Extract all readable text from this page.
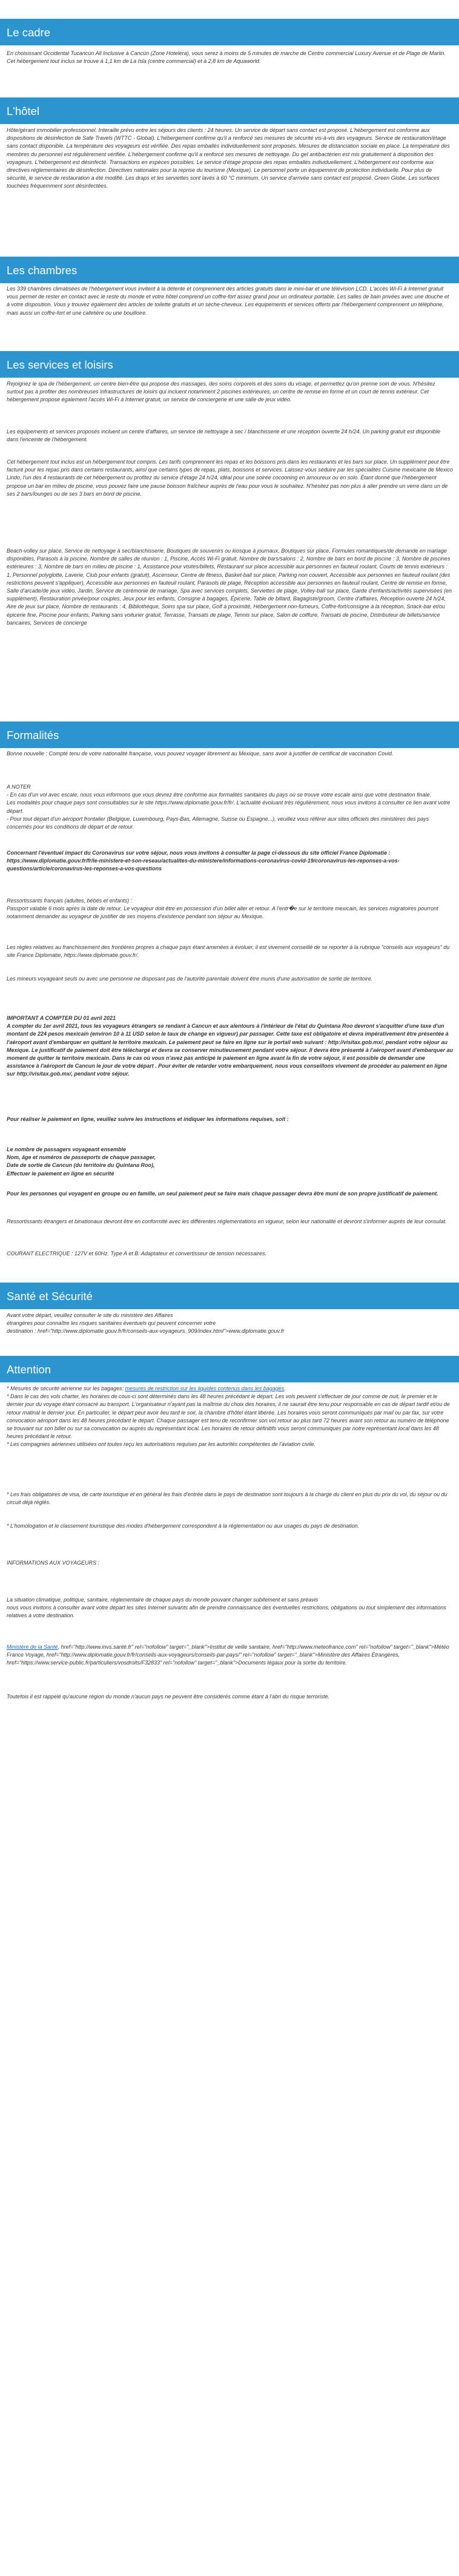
Le cadre

En choisissant Occidental Tucancún All Inclusive à Cancún (Zone Hotelera), vous serez à moins de 5 minutes de marche de Centre commercial Luxury Avenue et de Plage de Marlin. Cet hébergement tout inclus se trouve à 1,1 km de La Isla (centre commercial) et à 2,8 km de Aquaworld.

L'hôtel

Hôte/gérant immobilier professionnel. Interaille prévu entre les séjours des clients : 24 heures. Un service de départ sans contact est proposé. L'hébergement est conforme aux dispositions de désinfection de Safe Travels (WTTC - Global). L'hébergement confirme qu'il a renforcé ses mesures de sécurité vis-à-vis des voyageurs. Service de restauration/étage sans contact disponible. La température des voyageurs est vérifiée. Des repas emballés individuellement sont proposés. Mesures de distanciation sociale en place. La température des membres du personnel est régulièrement vérifiée. L'hébergement confirme qu'il a renforcé ses mesures de nettoyage. Du gel antibactérien est mis gratuitement à disposition des voyageurs. L'hébergement est désinfecté. Transactions en espèces possibles. Le service d'étage propose des repas emballés individuellement. L'hébergement est conforme aux directives réglementaires de désinfection. Directives nationales pour la reprise du tourisme (Mexique). Le personnel porte un équipement de protection individuelle. Pour plus de sécurité, le service de restauration a été modifié. Les draps et les serviettes sont lavés à 60 °C minimum. Un service d'arrivée sans contact est proposé. Green Globe. Les surfaces touchées fréquemment sont désinfectées.

Les chambres

Les 339 chambres climatisées de l'hébergement vous invitent à la détente et comprennent des articles gratuits dans le mini-bar et une télévision LCD. L'accès Wi-Fi à Internet gratuit vous permet de rester en contact avec le reste du monde et votre hôtel comprend un coffre-fort assez grand pour un ordinateur portable. Les salles de bain privées avec une douche et à votre disposition. Vous y trouvez également des articles de toilette gratuits et un sèche-cheveux. Les équipements et services offerts par l'hébergement comprennent un téléphone, mais aussi un coffre-fort et une cafetière ou une bouilloire.

Les services et loisirs

Rejoignez le spa de l'hébergement, un centre bien-être qui propose des massages, des soins corporels et des soins du visage, et permettez qu'on prenne soin de vous. N'hésitez surtout pas à profiter des nombreuses infrastructures de loisirs qui incluent notamment 2 piscines extérieures, un centre de remise en forme et un court de tennis extérieur. Cet hébergement propose également l'accès Wi-Fi à Internet gratuit, un service de conciergerie et une salle de jeux vidéo.

Les équipements et services proposés incluent un centre d'affaires, un service de nettoyage à sec / blanchisserie et une réception ouverte 24 h/24. Un parking gratuit est disponible dans l'enceinte de l'hébergement.

Cet hébergement tout inclus est un hébergement tout compris. Les tarifs comprennent les repas et les boissons pris dans les restaurants et les bars sur place. Un supplément peut être facturé pour les repas pris dans certains restaurants, ainsi que certains types de repas, plats, boissons et services. Laissez-vous séduire par les spécialités Cuisine mexicaine de Mexico Lindo, l'un des 4 restaurants de cet hébergement ou profitez du service d'étage 24 h/24, idéal pour une soirée cocooning en amoureux ou en solo. Étant donné que l'hébergement propose un bar en milieu de piscine, vous pouvez faire une pause boisson fraîcheur auprès de l'eau pour vous le souhaitez. N'hésitez pas non plus à aller prendre un verre dans un de ses 2 bars/lounges ou de ses 3 bars en bord de piscine.

Beach-volley sur place, Service de nettoyage à sec/blanchisserie, Boutiques de souvenirs ou kiosque à journaux, Boutiques sur place, Formules romantiques/de demande en mariage disponibles, Parasols à la piscine, Nombre de salles de réunion : 1, Piscine, Accès Wi-Fi gratuit, Nombre de bars/salons : 2, Nombre de bars en bord de piscine : 3, Nombre de piscines extérieures : 3, Nombre de bars en milieu de piscine : 1, Assistance pour visites/billets, Restaurant sur place accessible aux personnes en fauteuil roulant, Courts de tennis extérieurs : 1, Personnel polyglotte, Laverie, Club pour enfants (gratuit), Ascenseur, Centre de fitness, Basket-ball sur place, Parking non couvert, Accessible aux personnes en fauteuil roulant (des restrictions peuvent s'appliquer), Accessible aux personnes en fauteuil roulant, Parasols de plage, Réception accessible aux personnes en fauteuil roulant, Centre de remise en forme, Salle d'arcade/de jeux vidéo, Jardin, Service de cérémonie de mariage, Spa avec services complets, Serviettes de plage, Volley-ball sur place, Garde d'enfants/activités supervisées (en supplément), Restauration privée/pour couples, Jeux pour les enfants, Consigne à bagages, Épicerie, Table de billard, Bagagiste/groom, Centre d'affaires, Réception ouverte 24 h/24, Aire de jeux sur place, Nombre de restaurants : 4, Bibliothèque, Soins spa sur place, Golf à proximité, Hébergement non-fumeurs, Coffre-fort/consigne à la réception, Snack-bar et/ou épicerie fine, Piscine pour enfants, Parking sans voiturier gratuit, Terrasse, Transats de plage, Tennis sur place, Salon de coiffure, Transats de piscine, Distributeur de billets/service bancaires, Services de concierge

Formalités

Bonne nouvelle : Compté tenu de votre nationalité française, vous pouvez voyager librement au Mexique, sans avoir à justifier de certificat de vaccination Covid.

A NOTER
- En cas d'un vol avec escale, nous vous informons que vous devrez être conforme aux formalités sanitaires du pays où se trouve votre escale ainsi que votre destination finale.
Les modalités pour chaque pays sont consultables sur le site https://www.diplomatie.gouv.fr/fr/. L'actualité évoluant très régulièrement, nous vous invitons à consulter ce lien avant votre départ.
- Pour tout départ d'un aéroport frontalier (Belgique, Luxembourg, Pays-Bas, Allemagne, Suisse ou Espagne...), veuillez vous référer aux sites officiels des ministères des pays concernés pour les conditions de départ et de retour.

Concernant l'éventuel impact du Coronavirus sur votre séjour, nous vous invitons à consulter la page ci-dessous du site officiel France Diplomatie :
https://www.diplomatie.gouv.fr/fr/le-ministere-et-son-reseau/actualites-du-ministere/informations-coronavirus-covid-19/coronavirus-les-reponses-a-vos-questions/article/coronavirus-les-reponses-a-vos-questions

Ressortissants français (adultes, bébés et enfants) :
Passport valable 6 mois après la date de retour. Le voyageur doit être en possession d'un billet aller et retour. A l'entr�e sur le territoire mexicain, les services migratoires pourront notamment demander au voyageur de justifier de ses moyens d'existence pendant son séjour au Mexique.

Les règles relatives au franchissement des frontières propres à chaque pays étant amenées à évoluer, il est vivement conseillé de se reporter à la rubrique "conseils aux voyageurs" du site France Diplomatie, https://www.diplomatie.gouv.fr/.

Les mineurs voyageant seuls ou avec une personne ne disposant pas de l'autorité parentale doivent être munis d'une autorisation de sortie de territoire.

IMPORTANT A COMPTER DU 01 avril 2021
A compter du 1er avril 2021, tous les voyageurs étrangers se rendant à Cancun et aux alentours à l'intérieur de l'état du Quintana Roo devront s'acquitter d'une taxe d'un montant de 224 pesos mexicain (environ 10 à 11 USD selon le taux de change en vigueur) par passager. Cette taxe est obligatoire et devra impérativement être présentée à l'aéroport avant d'embarquer en quittant le territoire mexicain. Le paiement peut se faire en ligne sur le portail web suivant : http://visitax.gob.mx/, pendant votre séjour au Mexique. Le justificatif de paiement doit être téléchargé et devra se conserver minutieusement pendant votre séjour. Il devra être présenté à l'aéroport avant d'embarquer au moment de quitter le territoire mexicain. Dans le cas où vous n'avez pas anticipé le paiement en ligne avant la fin de votre séjour, il est possible de demander une assistance à l'aéroport de Cancun le jour de votre départ . Pour éviter de retarder votre embarquement, nous vous conseillons vivement de procéder au paiement en ligne sur http://visitax.gob.mx/, pendant votre séjour.

Pour réaliser le paiement en ligne, veuillez suivre les instructions et indiquer les informations requises, soit :

Le nombre de passagers voyageant ensemble
Nom, âge et numéros de passeports de chaque passager,
Date de sortie de Cancun (du territoire du Quintana Roo),
Effectuer le paiement en ligne en sécurité

Pour les personnes qui voyagent en groupe ou en famille, un seul paiement peut se faire mais chaque passager devra être muni de son propre justificatif de paiement.

Ressortissants étrangers et binationaux devront être en conformité avec les différentes réglementations en vigueur, selon leur nationalité et devront s'informer auprès de leur consulat.

COURANT ELECTRIQUE : 127V et 60Hz. Type A et B. Adaptateur et convertisseur de tension nécessaires.

Santé et Sécurité

Avant votre départ, veuillez consulter le site du ministère des Affaires
étrangères pour connaître les risques sanitaires éventuels qui peuvent concerner votre
destination : href="http://www.diplomatie.gouv.fr/fr/conseils-aux-voyageurs_909/index.html">www.diplomatie.gouv.fr

Attention

* Mesures de sécurité aérienne sur les bagages: mesures de restriction sur les liquides contenus dans les bagages.
* Dans le cas des vols charter, les horaires de cous-ci sont déterminés dans les 48 heures précédant le départ. Les vols peuvent s'effectuer de jour comme de nuit, le premier et le dernier jour du voyage étant consacré au transport. L'organisateur n'ayant pas la maîtrise du choix des horaires, il ne saurait être tenu pour responsable en cas de départ tardif et/ou de retour matinal le dernier jour. En particulier, le départ peut avoir lieu tard le soir, la chambre d'hôtel étant libérée. Les horaires vous seront communiqués par mail ou par fax, sur votre convocation aéroport dans les 48 heures précédant le départ. Chaque passager est tenu de reconfirmer son vol retour au plus tard 72 heures avant son retour au numéro de téléphone se trouvant sur son billet ou sur sa convocation ou auprès du représentant local. Les horaires de retour définitifs vous seront communiqués par notre représentant local dans les 48 heures précédant le retour.
* Les compagnies aériennes utilisées ont toutes reçu les autorisations requises par les autorités compétentes de l'aviation civile.

* Les frais obligatoires de visa, de carte touristique et en général les frais d'entrée dans le pays de destination sont toujours à la charge du client en plus du prix du vol, du séjour ou du circuit déjà réglés.

* L'homologation et le classement touristique des modes d'hébergement correspondent à la réglementation ou aux usages du pays de destination.

INFORMATIONS AUX VOYAGEURS :

La situation climatique, politique, sanitaire, réglementaire de chaque pays du monde pouvant changer subitement et sans préavis
nous vous invitons à consulter avant votre départ les sites Internet suivants afin de prendre connaissance des éventuelles restrictions, obligations ou tout simplement des informations relatives à votre destination.

Ministère de la Santé, href="http://www.invs.santé.fr" rel="nofollow" target="_blank">Institut de veille sanitaire, href="http://www.meteofrance.com" rel="nofollow" target="_blank">Météo France Voyage, href="http://www.diplomatie.gouv.fr/fr/conseils-aux-voyageurs/conseils-par-pays/" rel="nofollow" target="_blank">Ministère des Affaires Étrangères, href="https://www.service-public.fr/particuliers/vosdroits/F32833" rel="nofollow" target="_blank">Documents légaux pour la sortie du territoire.

Toutefois il est rappelé qu'aucune région du monde n'aucun pays ne peuvent être considérés comme étant à l'abri du risque terroriste.
